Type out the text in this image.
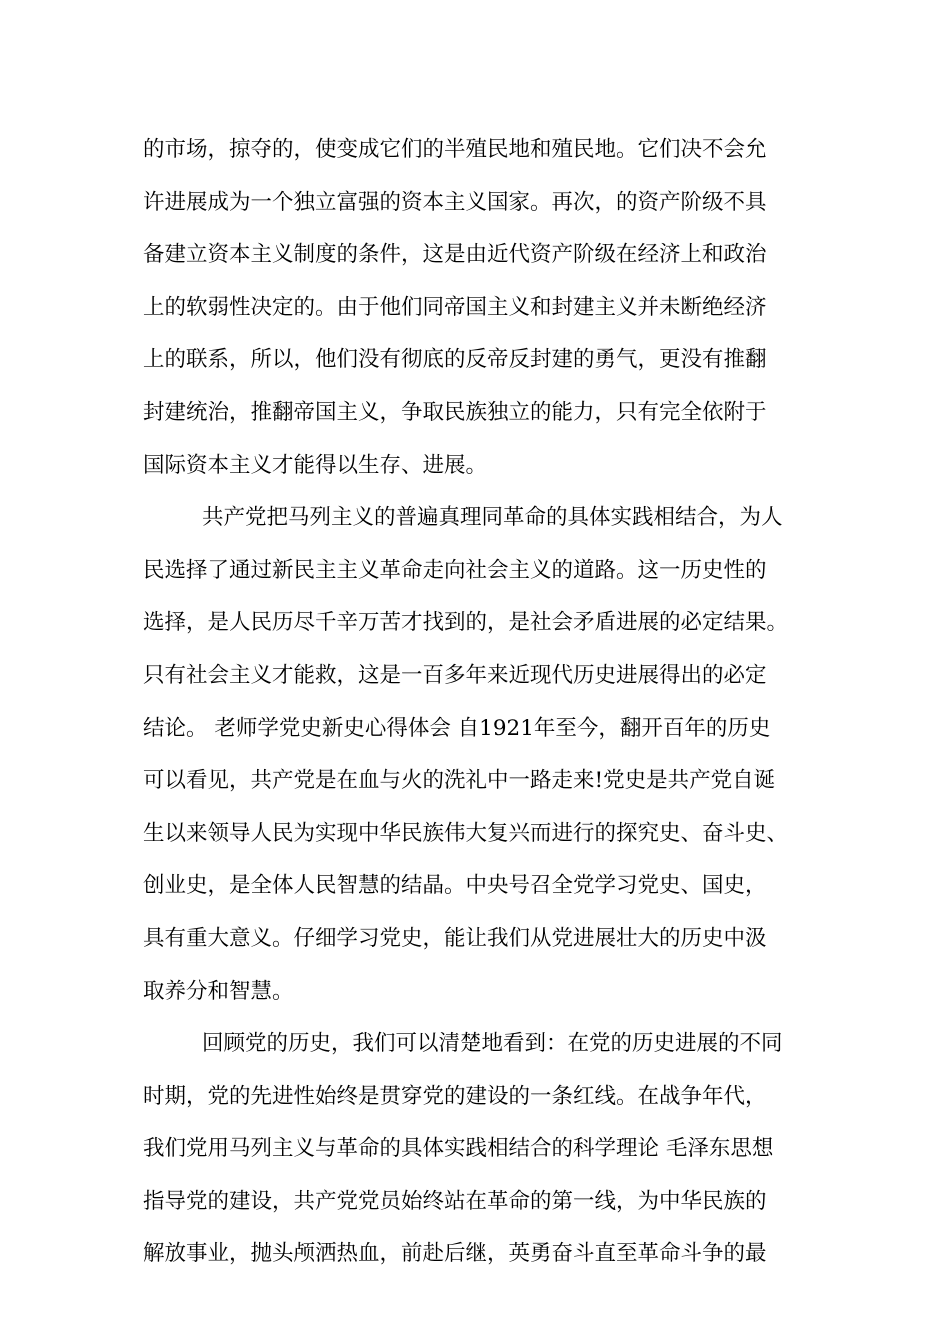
的市场，掠夺的，使变成它们的半殖民地和殖民地。它们决不会允
许进展成为一个独立富强的资本主义国家。再次，的资产阶级不具
备建立资本主义制度的条件，这是由近代资产阶级在经济上和政治
上的软弱性决定的。由于他们同帝国主义和封建主义并未断绝经济
上的联系，所以，他们没有彻底的反帝反封建的勇气，更没有推翻
封建统治，推翻帝国主义，争取民族独立的能力，只有完全依附于
国际资本主义才能得以生存、进展。
共产党把马列主义的普遍真理同革命的具体实践相结合，为人
民选择了通过新民主主义革命走向社会主义的道路。这一历史性的
选择，是人民历尽千辛万苦才找到的，是社会矛盾进展的必定结果。
只有社会主义才能救，这是一百多年来近现代历史进展得出的必定
结论。 老师学党史新史心得体会 自1921年至今，翻开百年的历史
可以看见，共产党是在血与火的洗礼中一路走来!党史是共产党自诞
生以来领导人民为实现中华民族伟大复兴而进行的探究史、奋斗史、
创业史，是全体人民智慧的结晶。中央号召全党学习党史、国史，
具有重大意义。仔细学习党史，能让我们从党进展壮大的历史中汲
取养分和智慧。
回顾党的历史，我们可以清楚地看到：在党的历史进展的不同
时期，党的先进性始终是贯穿党的建设的一条红线。在战争年代，
我们党用马列主义与革命的具体实践相结合的科学理论 毛泽东思想
指导党的建设，共产党党员始终站在革命的第一线，为中华民族的
解放事业，抛头颅洒热血，前赴后继，英勇奋斗直至革命斗争的最
